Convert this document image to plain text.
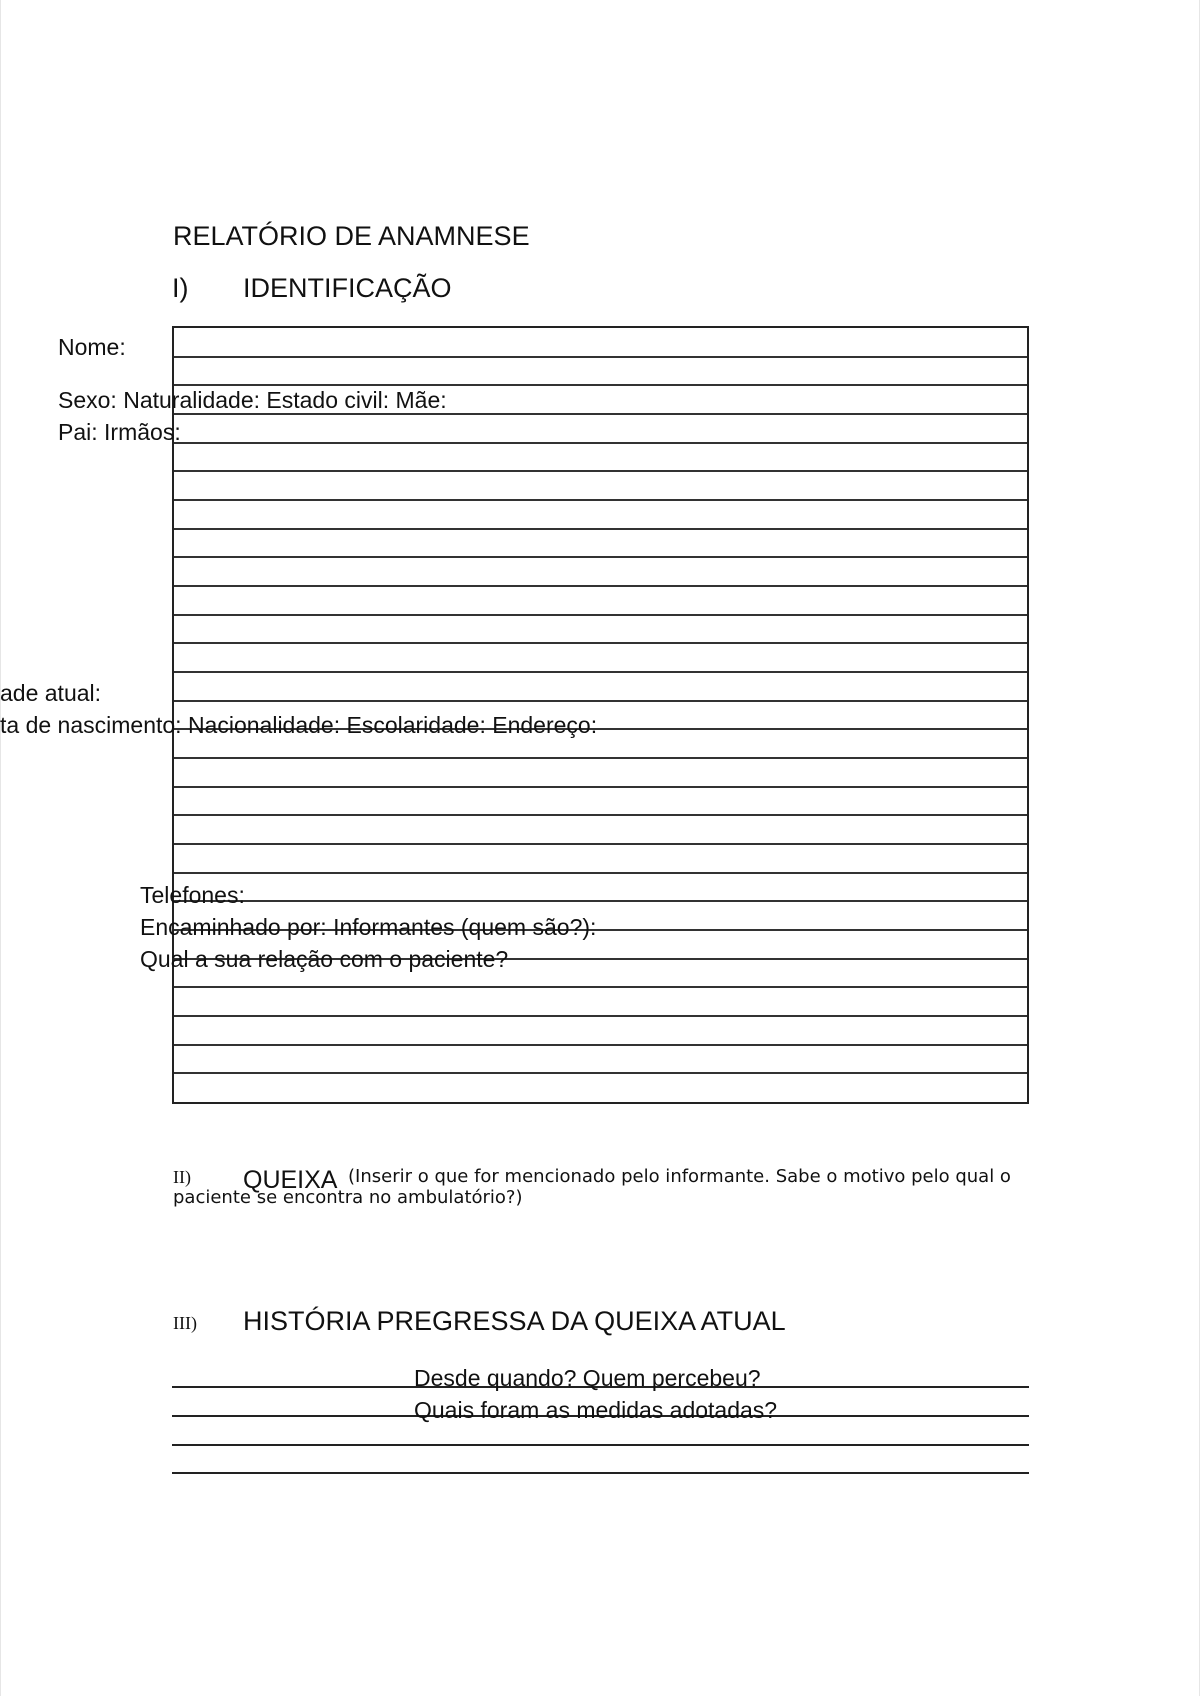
RELATÓRIO DE ANAMNESE
I) IDENTIFICAÇÃO
Nome:
Sexo: Naturalidade: Estado civil: Mãe:
Pai: Irmãos:
ade atual:
ta de nascimento: Nacionalidade: Escolaridade: Endereço:
Telefones:
Encaminhado por: Informantes (quem são?):
Qual a sua relação com o paciente?
II) QUEIXA (Inserir o que for mencionado pelo informante. Sabe o motivo pelo qual o
paciente se encontra no ambulatório?)
III) HISTÓRIA PREGRESSA DA QUEIXA ATUAL
Desde quando? Quem percebeu?
Quais foram as medidas adotadas?
